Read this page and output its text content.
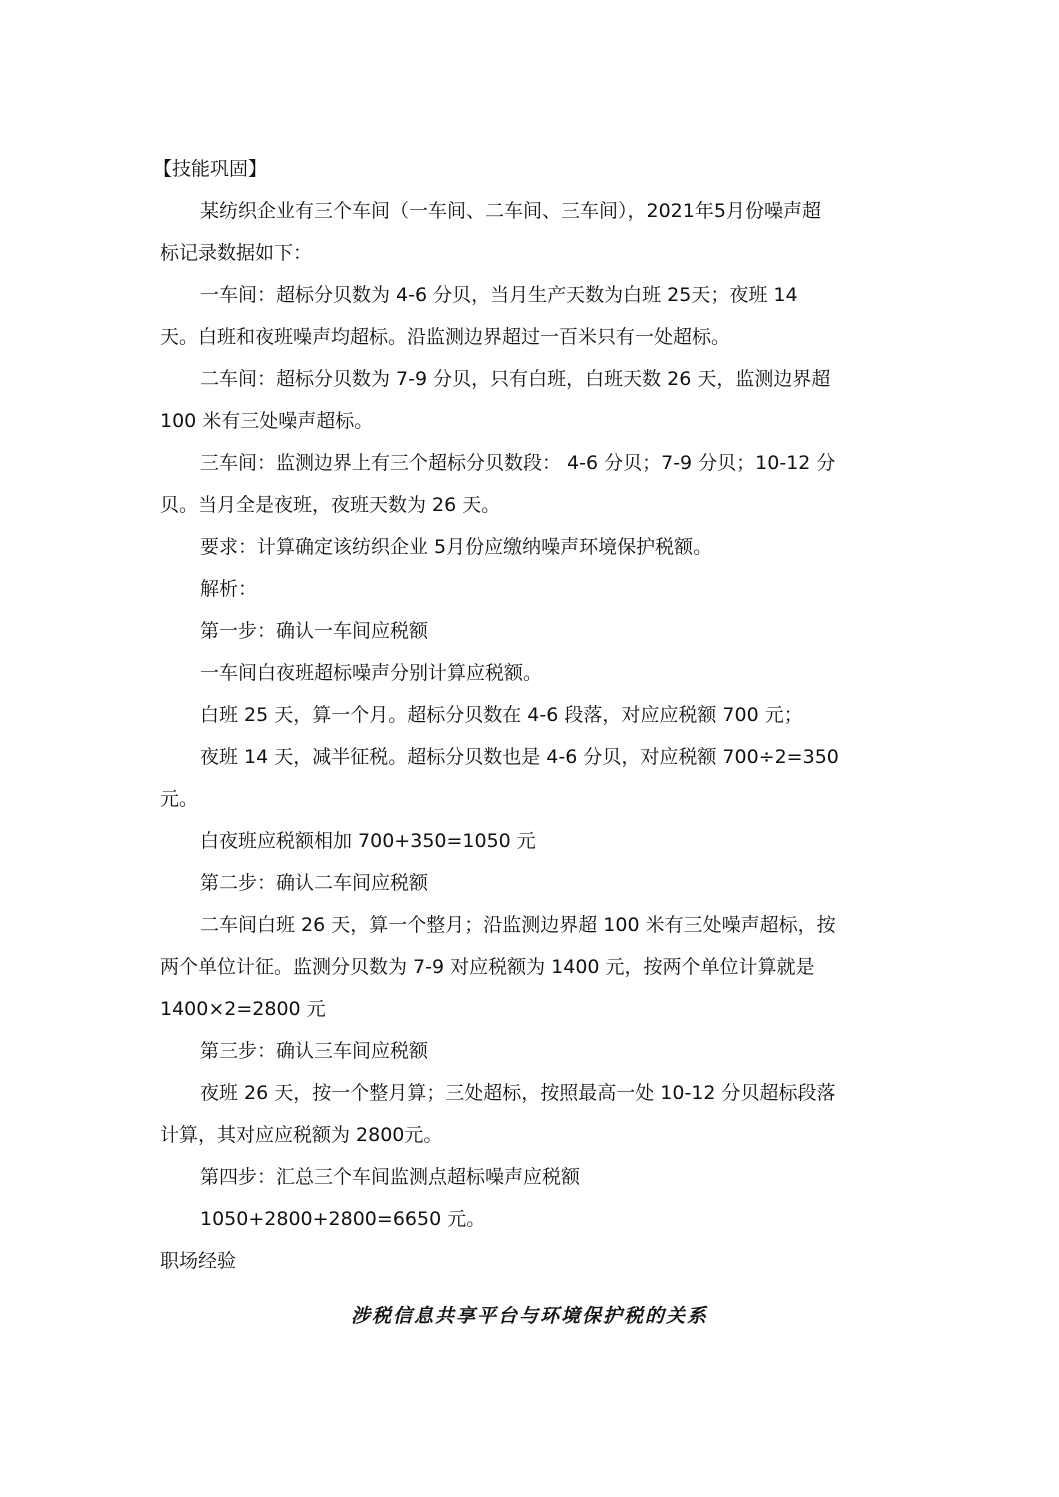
【技能巩固】
某纺织企业有三个车间（一车间、二车间、三车间），2021年5月份噪声超
标记录数据如下：
一车间：超标分贝数为 4-6 分贝，当月生产天数为白班 25天；夜班 14
天。白班和夜班噪声均超标。沿监测边界超过一百米只有一处超标。
二车间：超标分贝数为 7-9 分贝，只有白班，白班天数 26 天，监测边界超
100 米有三处噪声超标。
三车间：监测边界上有三个超标分贝数段： 4-6 分贝；7-9 分贝；10-12 分
贝。当月全是夜班，夜班天数为 26 天。
要求：计算确定该纺织企业 5月份应缴纳噪声环境保护税额。
解析：
第一步：确认一车间应税额
一车间白夜班超标噪声分别计算应税额。
白班 25 天，算一个月。超标分贝数在 4-6 段落，对应应税额 700 元；
夜班 14 天，减半征税。超标分贝数也是 4-6 分贝，对应税额 700÷2=350
元。
白夜班应税额相加 700+350=1050 元
第二步：确认二车间应税额
二车间白班 26 天，算一个整月；沿监测边界超 100 米有三处噪声超标，按
两个单位计征。监测分贝数为 7-9 对应税额为 1400 元，按两个单位计算就是
1400×2=2800 元
第三步：确认三车间应税额
夜班 26 天，按一个整月算；三处超标，按照最高一处 10-12 分贝超标段落
计算，其对应应税额为 2800元。
第四步：汇总三个车间监测点超标噪声应税额
1050+2800+2800=6650 元。
职场经验
涉税信息共享平台与环境保护税的关系
